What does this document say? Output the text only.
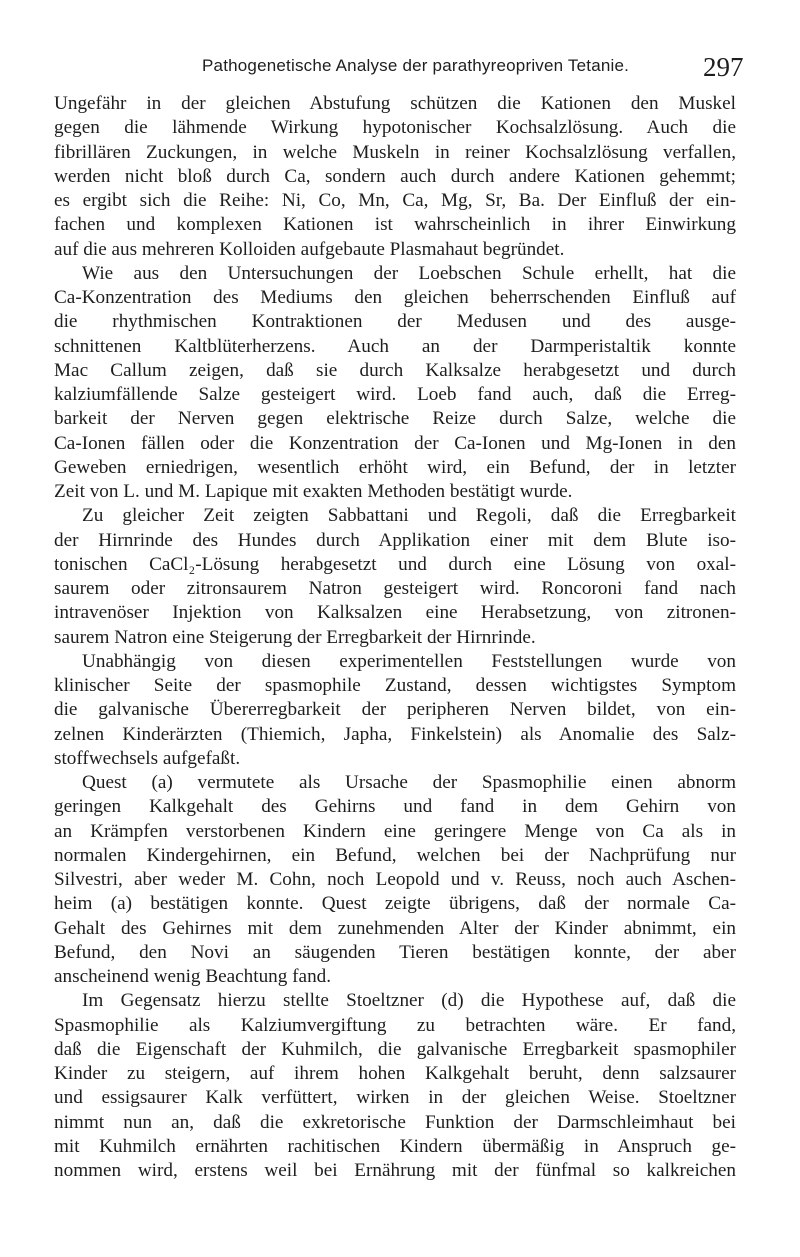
Pathogenetische Analyse der parathyreopriven Tetanie.	297
Ungefähr in der gleichen Abstufung schützen die Kationen den Muskel
gegen die lähmende Wirkung hypotonischer Kochsalzlösung. Auch die
fibrillären Zuckungen, in welche Muskeln in reiner Kochsalzlösung verfallen,
werden nicht bloß durch Ca, sondern auch durch andere Kationen gehemmt;
es ergibt sich die Reihe: Ni, Co, Mn, Ca, Mg, Sr, Ba. Der Einfluß der ein-
fachen und komplexen Kationen ist wahrscheinlich in ihrer Einwirkung
auf die aus mehreren Kolloiden aufgebaute Plasmahaut begründet.
Wie aus den Untersuchungen der Loebschen Schule erhellt, hat die
Ca-Konzentration des Mediums den gleichen beherrschenden Einfluß auf
die rhythmischen Kontraktionen der Medusen und des ausge-
schnittenen Kaltblüterherzens. Auch an der Darmperistaltik konnte
Mac Callum zeigen, daß sie durch Kalksalze herabgesetzt und durch
kalziumfällende Salze gesteigert wird. Loeb fand auch, daß die Erreg-
barkeit der Nerven gegen elektrische Reize durch Salze, welche die
Ca-Ionen fällen oder die Konzentration der Ca-Ionen und Mg-Ionen in den
Geweben erniedrigen, wesentlich erhöht wird, ein Befund, der in letzter
Zeit von L. und M. Lapique mit exakten Methoden bestätigt wurde.
Zu gleicher Zeit zeigten Sabbattani und Regoli, daß die Erregbarkeit
der Hirnrinde des Hundes durch Applikation einer mit dem Blute iso-
tonischen CaCl₂-Lösung herabgesetzt und durch eine Lösung von oxal-
saurem oder zitronsaurem Natron gesteigert wird. Roncoroni fand nach
intravenöser Injektion von Kalksalzen eine Herabsetzung, von zitronen-
saurem Natron eine Steigerung der Erregbarkeit der Hirnrinde.
Unabhängig von diesen experimentellen Feststellungen wurde von
klinischer Seite der spasmophile Zustand, dessen wichtigstes Symptom
die galvanische Übererregbarkeit der peripheren Nerven bildet, von ein-
zelnen Kinderärzten (Thiemich, Japha, Finkelstein) als Anomalie des Salz-
stoffwechsels aufgefaßt.
Quest (a) vermutete als Ursache der Spasmophilie einen abnorm
geringen Kalkgehalt des Gehirns und fand in dem Gehirn von
an Krämpfen verstorbenen Kindern eine geringere Menge von Ca als in
normalen Kindergehirnen, ein Befund, welchen bei der Nachprüfung nur
Silvestri, aber weder M. Cohn, noch Leopold und v. Reuss, noch auch Aschen-
heim (a) bestätigen konnte. Quest zeigte übrigens, daß der normale Ca-
Gehalt des Gehirnes mit dem zunehmenden Alter der Kinder abnimmt, ein
Befund, den Novi an säugenden Tieren bestätigen konnte, der aber
anscheinend wenig Beachtung fand.
Im Gegensatz hierzu stellte Stoeltzner (d) die Hypothese auf, daß die
Spasmophilie als Kalziumvergiftung zu betrachten wäre. Er fand,
daß die Eigenschaft der Kuhmilch, die galvanische Erregbarkeit spasmophiler
Kinder zu steigern, auf ihrem hohen Kalkgehalt beruht, denn salzsaurer
und essigsaurer Kalk verfüttert, wirken in der gleichen Weise. Stoeltzner
nimmt nun an, daß die exkretorische Funktion der Darmschleimhaut bei
mit Kuhmilch ernährten rachitischen Kindern übermäßig in Anspruch ge-
nommen wird, erstens weil bei Ernährung mit der fünfmal so kalkreichen
